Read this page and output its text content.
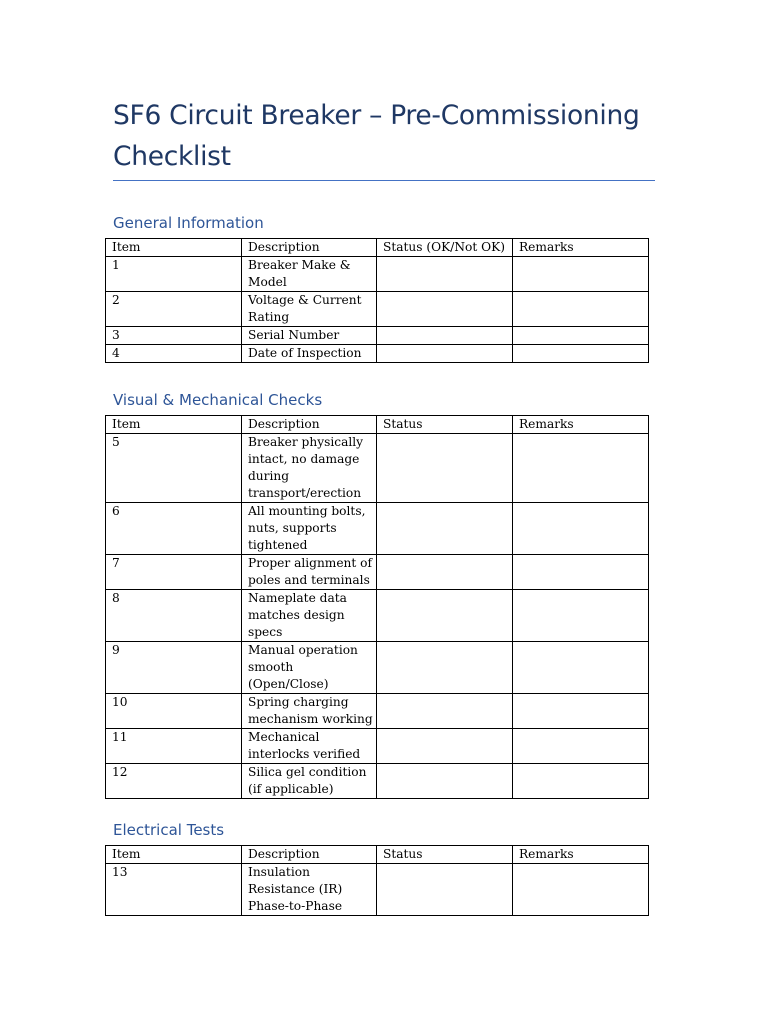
SF6 Circuit Breaker – Pre-Commissioning Checklist
General Information
Item	Description	Status (OK/Not OK)	Remarks
1	Breaker Make & Model		
2	Voltage & Current Rating		
3	Serial Number		
4	Date of Inspection		
Visual & Mechanical Checks
Item	Description	Status	Remarks
5	Breaker physically intact, no damage during transport/erection		
6	All mounting bolts, nuts, supports tightened		
7	Proper alignment of poles and terminals		
8	Nameplate data matches design specs		
9	Manual operation smooth (Open/Close)		
10	Spring charging mechanism working		
11	Mechanical interlocks verified		
12	Silica gel condition (if applicable)		
Electrical Tests
Item	Description	Status	Remarks
13	Insulation Resistance (IR) Phase-to-Phase		
